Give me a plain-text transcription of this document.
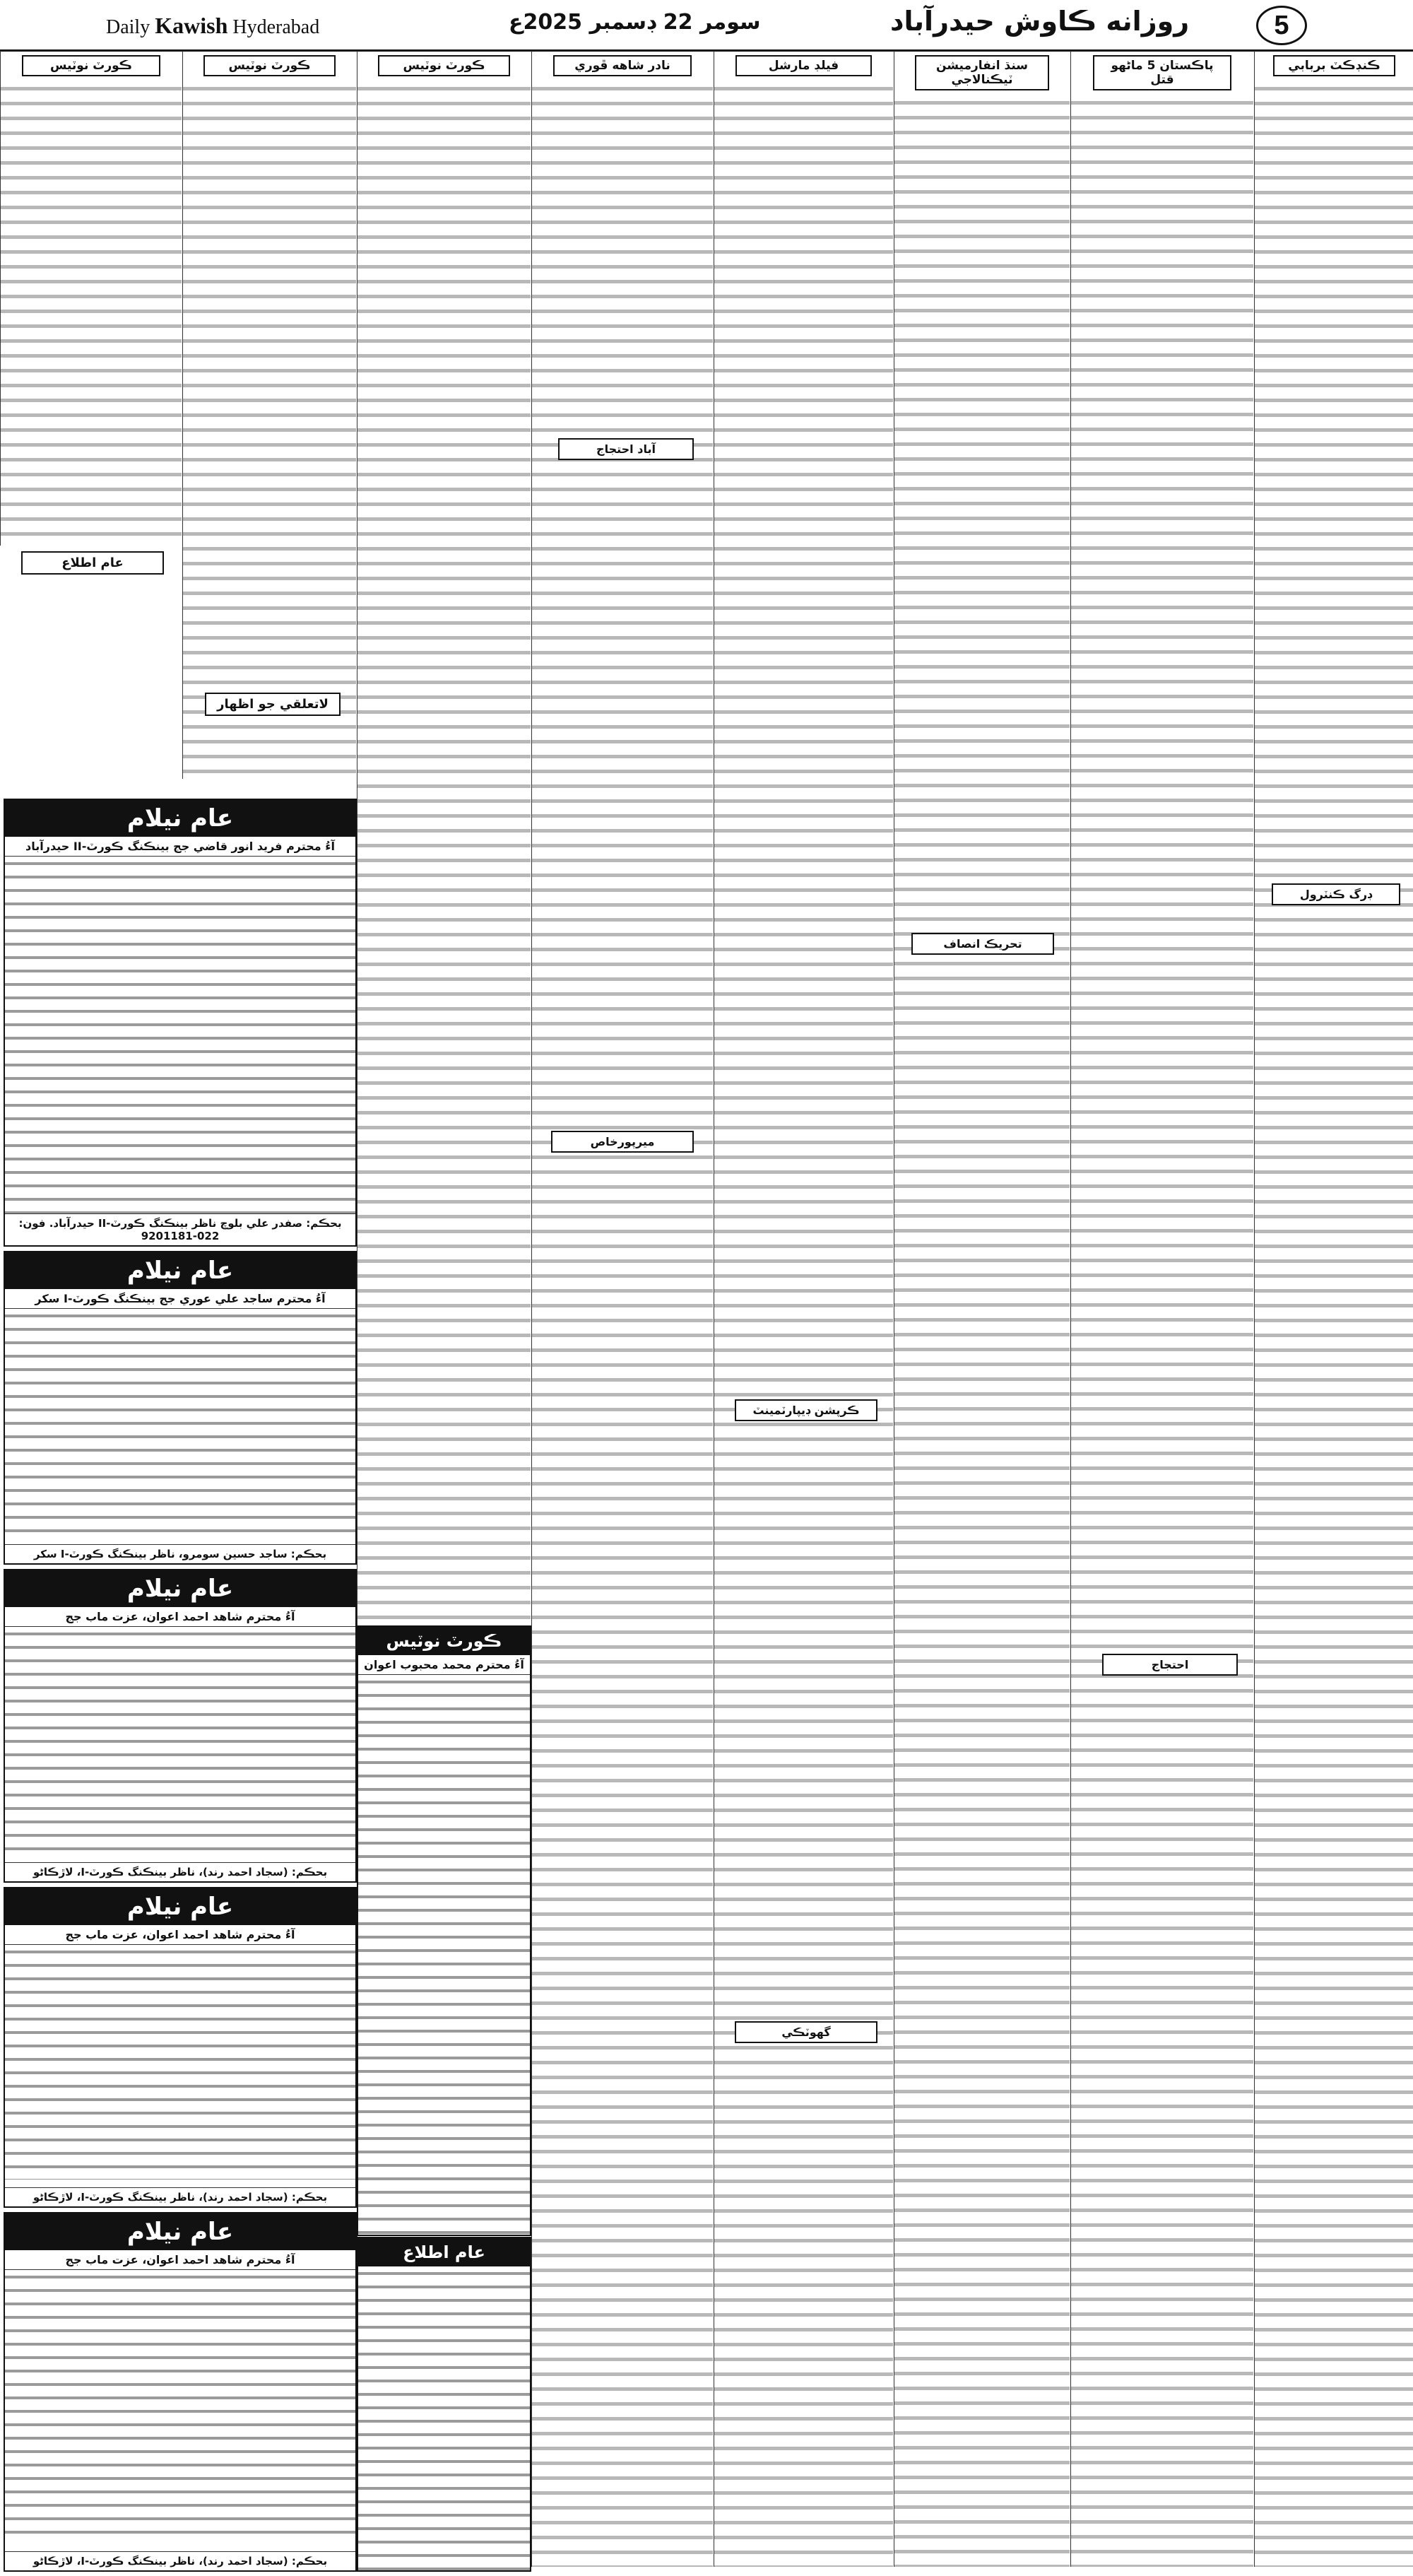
Daily Kawish Hyderabad	سومر 22 ڊسمبر 2025ع	روزانه ڪاوش حيدرآباد	5
ڪنڊڪٽ بربابي
پاڪستان 5 ماڻهو قتل
سنڌ انفارميشن ٽيڪنالاجي
فيلڊ مارشل
نادر شاهه ڦوري
ڪورٽ نوٽيس
ڪورٽ نوٽيس
ڪورٽ نوٽيس
عام اطلاع
لاتعلقي جو اظهار
عام نيلام
آءُ محترم فريد انور قاضي جج بينڪنگ ڪورٽ-II حيدرآباد
بحڪم: صفدر علي بلوچ ناظر بينڪنگ ڪورٽ-II حيدرآباد. فون: 022-9201181
عام نيلام
آءُ محترم ساجد علي عوري جج بينڪنگ ڪورٽ-I سکر
بحڪم: ساجد حسين سومرو، ناظر بينڪنگ ڪورٽ-I سکر
عام نيلام
آءُ محترم شاهد احمد اعوان، عزت ماب جج
بحڪم: (سجاد احمد رند)، ناظر بينڪنگ ڪورٽ-I، لاڙڪاڻو
عام نيلام
آءُ محترم شاهد احمد اعوان، عزت ماب جج
بحڪم: (سجاد احمد رند)، ناظر بينڪنگ ڪورٽ-I، لاڙڪاڻو
عام نيلام
آءُ محترم شاهد احمد اعوان، عزت ماب جج
بحڪم: (سجاد احمد رند)، ناظر بينڪنگ ڪورٽ-I، لاڙڪاڻو
ڪورٽ نوٽيس
آءُ محترم محمد محبوب اعوان
عام اطلاع
تحريڪ انصاف
ڪرپشن ڊيپارٽمينٽ
احتجاج
ميرپورخاص
ڊرگ ڪنٽرول
آباد احتجاج
گهوٽڪي
